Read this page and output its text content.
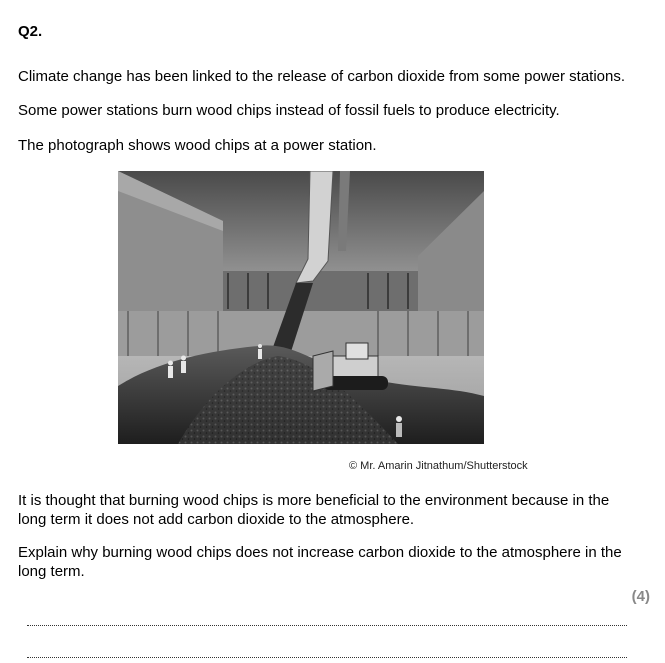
Q2.
Climate change has been linked to the release of carbon dioxide from some power stations.
Some power stations burn wood chips instead of fossil fuels to produce electricity.
The photograph shows wood chips at a power station.
© Mr. Amarin Jitnathum/Shutterstock
It is thought that burning wood chips is more beneficial to the environment because in the
long term it does not add carbon dioxide to the atmosphere.
Explain why burning wood chips does not increase carbon dioxide to the atmosphere in the
long term.
(4)
